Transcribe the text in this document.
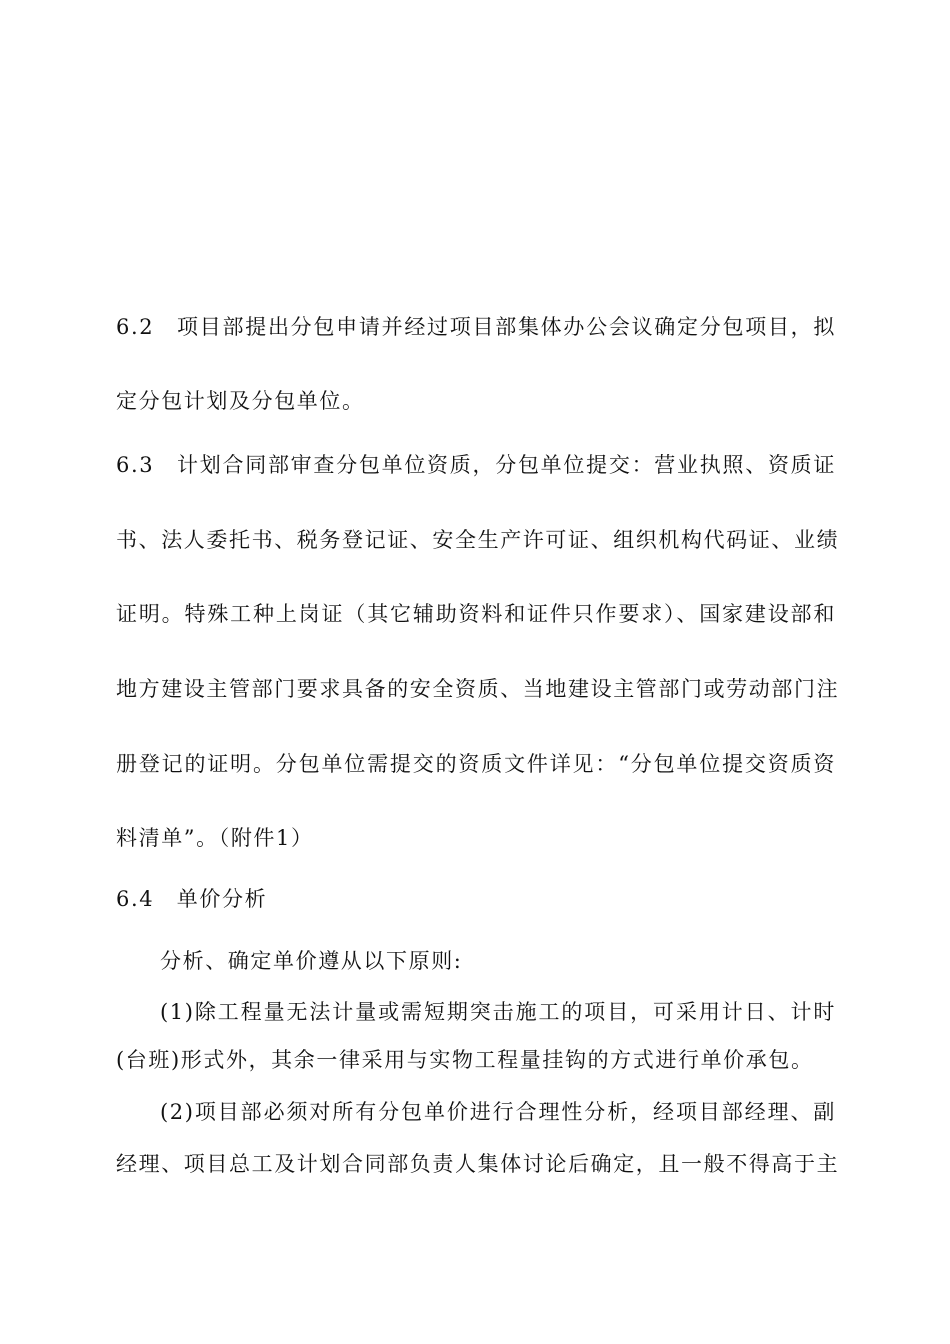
6.2　项目部提出分包申请并经过项目部集体办公会议确定分包项目，拟
定分包计划及分包单位。
6.3　计划合同部审查分包单位资质，分包单位提交：营业执照、资质证
书、法人委托书、税务登记证、安全生产许可证、组织机构代码证、业绩
证明。特殊工种上岗证（其它辅助资料和证件只作要求）、国家建设部和
地方建设主管部门要求具备的安全资质、当地建设主管部门或劳动部门注
册登记的证明。分包单位需提交的资质文件详见：“分包单位提交资质资
料清单”。（附件1）
6.4　单价分析
分析、确定单价遵从以下原则:
(1)除工程量无法计量或需短期突击施工的项目，可采用计日、计时
(台班)形式外，其余一律采用与实物工程量挂钩的方式进行单价承包。
(2)项目部必须对所有分包单价进行合理性分析，经项目部经理、副
经理、项目总工及计划合同部负责人集体讨论后确定，且一般不得高于主
